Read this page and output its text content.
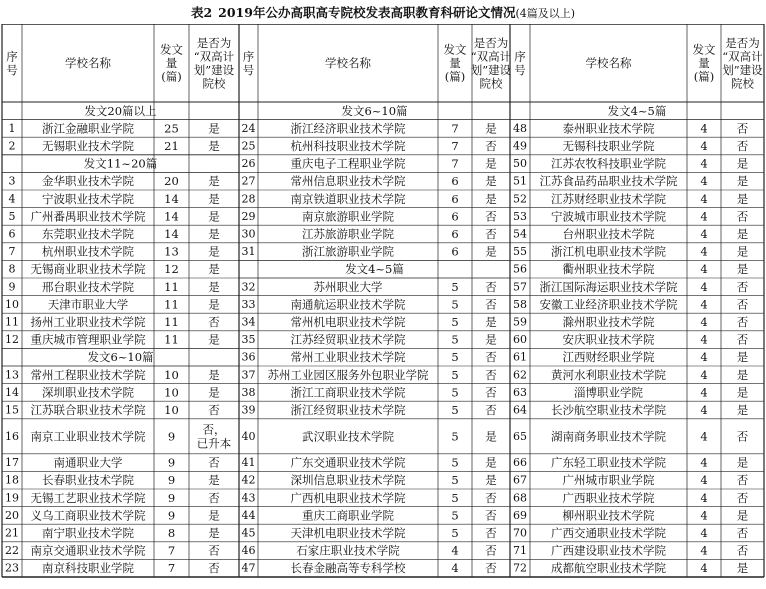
表2 2019年公办高职高专院校发表高职教育科研论文情况(4篇及以上)
序
号	学校名称
发文
量
(篇)
是否为
“双高计
划”建设
院校
发文20篇以上
1 浙江金融职业学院	25	是
2 无锡职业技术学院	21	是
发文11~20篇
3 金华职业技术学院	20	是
4 宁波职业技术学院	14	是
5 广州番禺职业技术学院 14	是
6 东莞职业技术学院	14	是
7 杭州职业技术学院	13	是
8 无锡商业职业技术学院 12	是
9 邢台职业技术学院	11	是
10	天津市职业大学	11	是
11 扬州工业职业技术学院 11	否
12 重庆城市管理职业学院 11	是
发文6~10篇
13 常州工程职业技术学院 10	是
14 深圳职业技术学院	10	是
15 江苏联合职业技术学院 10	否
16 南京工业职业技术学院 9 否，
已升本
17	南通职业大学	9	否
18 长春职业技术学院	9	是
19 无锡工艺职业技术学院 9	否
20 义乌工商职业技术学院 9	是
21 南宁职业技术学院	8	是
22 南京交通职业技术学院 7	否
23 南京科技职业学院	7	否
序
号	学校名称
发文
量
(篇)
是否为
“双高计
划”建设
院校
发文6~10篇
24	浙江经济职业技术学院	7 是
25	杭州科技职业技术学院	7 否
26	重庆电子工程职业学院	7 是
27	常州信息职业技术学院	6 是
28	南京铁道职业技术学院	6 是
29	南京旅游职业学院	6 否
30	江苏旅游职业学院	6 否
31	浙江旅游职业学院	6 是
发文4~5篇
32	苏州职业大学	5 否
33	南通航运职业技术学院	5 否
34	常州机电职业技术学院	5 是
35	江苏经贸职业技术学院	5 是
36	常州工业职业技术学院	5 否
37 苏州工业园区服务外包职业学院 5 否
38	浙江工商职业技术学院	5 否
39	浙江经贸职业技术学院	5 否
40	武汉职业技术学院	5 是
41	广东交通职业技术学院	5 是
42	深圳信息职业技术学院	5 是
43	广西机电职业技术学院	5 否
44	重庆工商职业学院	5 否
45	天津机电职业技术学院	5 否
46	石家庄职业技术学院	4 否
47	长春金融高等专科学校	4 否
序
号	学校名称
发文
量
(篇)
是否为
“双高计
划”建设
院校
发文4~5篇
48	泰州职业技术学院	4	否
49	无锡科技职业学院	4	否
50 江苏农牧科技职业学院	4	是
51 江苏食品药品职业技术学院 4	是
52 江苏财经职业技术学院	4	是
53 宁波城市职业技术学院	4	否
54	台州职业技术学院	4	是
55 浙江机电职业技术学院	4	是
56	衢州职业技术学院	4	是
57 浙江国际海运职业技术学院 4	否
58 安徽工业经济职业技术学院 4	否
59	滁州职业技术学院	4	否
60	安庆职业技术学院	4	否
61	江西财经职业学院	4	是
62 黄河水利职业技术学院	4	是
63	淄博职业学院	4	是
64 长沙航空职业技术学院	4	是
65 湖南商务职业技术学院	4	否
66 广东轻工职业技术学院	4	是
67	广州城市职业学院	4	否
68	广西职业技术学院	4	否
69	柳州职业技术学院	4	是
70 广西交通职业技术学院	4	否
71 广西建设职业技术学院	4	否
72 成都航空职业技术学院	4	是
